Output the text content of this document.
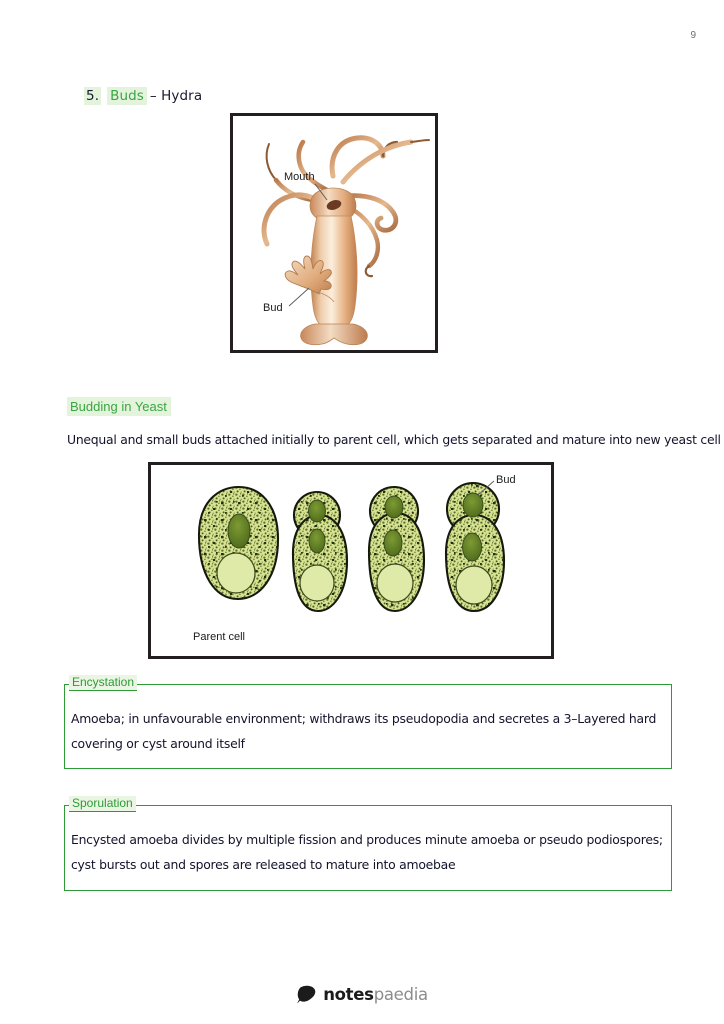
9
5. Buds – Hydra
Mouth
Bud
Budding in Yeast
Unequal and small buds attached initially to parent cell, which gets separated and mature into new yeast cell
Bud
Parent cell
Encystation
Amoeba; in unfavourable environment; withdraws its pseudopodia and secretes a 3–Layered hard covering or cyst around itself
Sporulation
Encysted amoeba divides by multiple fission and produces minute amoeba or pseudo podiospores; cyst bursts out and spores are released to mature into amoebae
notespaedia
